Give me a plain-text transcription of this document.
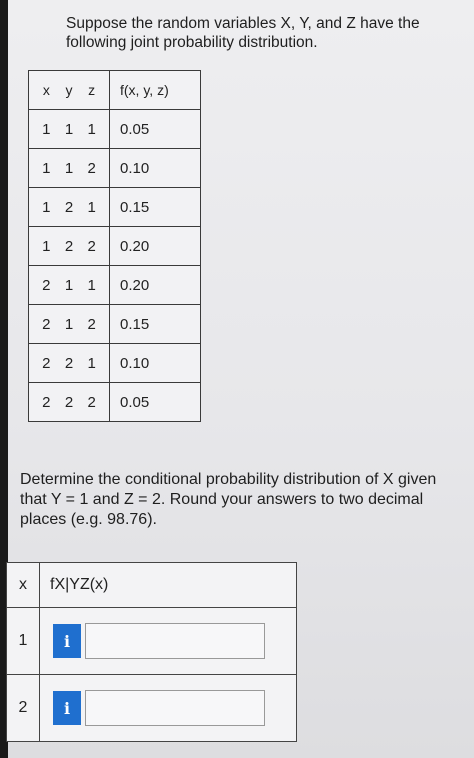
Suppose the random variables X, Y, and Z have the following joint probability distribution.
x y z	f(x, y, z)

1 1 1	0.05

1 1 2	0.10

1 2 1	0.15

1 2 2	0.20

2 1 1	0.20

2 1 2	0.15

2 2 1	0.10

2 2 2	0.05
Determine the conditional probability distribution of X given that Y = 1 and Z = 2. Round your answers to two decimal places (e.g. 98.76).
x	fX|YZ(x)
1	i

2	i
